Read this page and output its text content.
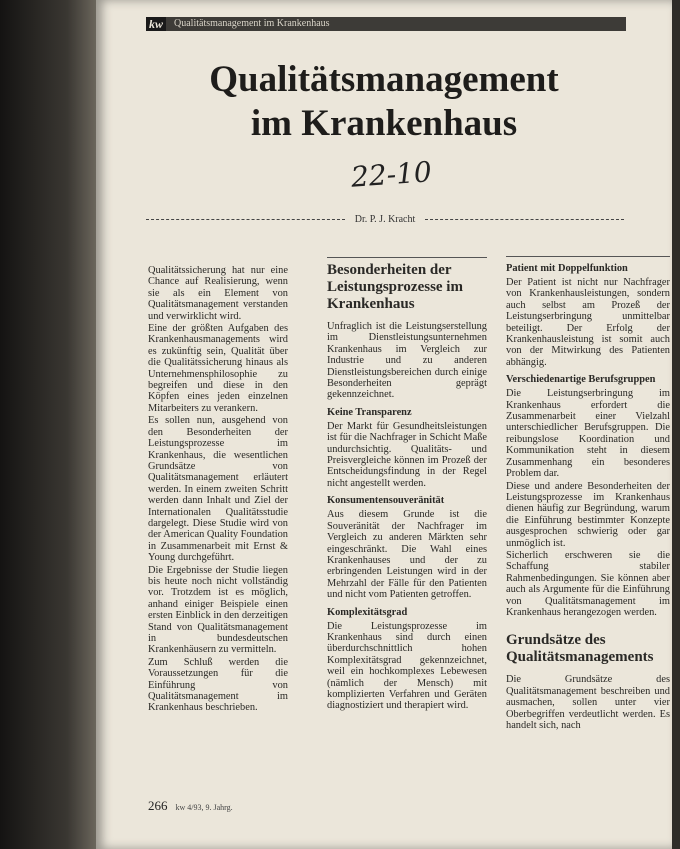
kw	Qualitätsmanagement im Krankenhaus
Qualitätsmanagement
im Krankenhaus
22-10
Dr. P. J. Kracht

Qualitätssicherung hat nur eine Chance auf Realisierung, wenn sie als ein Element von Qualitätsmanagement verstanden und verwirklicht wird.

Eine der größten Aufgaben des Krankenhausmanagements wird es zukünftig sein, Qualität über die Qualitätssicherung hinaus als Unternehmensphilosophie zu begreifen und diese in den Köpfen eines jeden einzelnen Mitarbeiters zu verankern.

Es sollen nun, ausgehend von den Besonderheiten der Leistungsprozesse im Krankenhaus, die wesentlichen Grundsätze von Qualitätsmanagement erläutert werden. In einem zweiten Schritt werden dann Inhalt und Ziel der Internationalen Qualitätsstudie dargelegt. Diese Studie wird von der American Quality Foundation in Zusammenarbeit mit Ernst & Young durchgeführt.

Die Ergebnisse der Studie liegen bis heute noch nicht vollständig vor. Trotzdem ist es möglich, anhand einiger Beispiele einen ersten Einblick in den derzeitigen Stand von Qualitätsmanagement in bundesdeutschen Krankenhäusern zu vermitteln.

Zum Schluß werden die Voraussetzungen für die Einführung von Qualitätsmanagement im Krankenhaus beschrieben.

Besonderheiten der Leistungsprozesse im Krankenhaus

Unfraglich ist die Leistungserstellung im Dienstleistungsunternehmen Krankenhaus im Vergleich zur Industrie und zu anderen Dienstleistungsbereichen durch einige Besonderheiten geprägt gekennzeichnet.

Keine Transparenz

Der Markt für Gesundheitsleistungen ist für die Nachfrager in Schicht Maße undurchsichtig. Qualitäts- und Preisvergleiche können im Prozeß der Entscheidungsfindung in der Regel nicht angestellt werden.

Konsumentensouveränität

Aus diesem Grunde ist die Souveränität der Nachfrager im Vergleich zu anderen Märkten sehr eingeschränkt. Die Wahl eines Krankenhauses und der zu erbringenden Leistungen wird in der Mehrzahl der Fälle für den Patienten und nicht vom Patienten getroffen.

Komplexitätsgrad

Die Leistungsprozesse im Krankenhaus sind durch einen überdurchschnittlich hohen Komplexitätsgrad gekennzeichnet, weil ein hochkomplexes Lebewesen (nämlich der Mensch) mit komplizierten Verfahren und Geräten diagnostiziert und therapiert wird.

Patient mit Doppelfunktion

Der Patient ist nicht nur Nachfrager von Krankenhausleistungen, sondern auch selbst am Prozeß der Leistungserbringung unmittelbar beteiligt. Der Erfolg der Krankenhausleistung ist somit auch von der Mitwirkung des Patienten abhängig.

Verschiedenartige Berufsgruppen

Die Leistungserbringung im Krankenhaus erfordert die Zusammenarbeit einer Vielzahl unterschiedlicher Berufsgruppen. Die reibungslose Koordination und Kommunikation steht in diesem Zusammenhang ein besonderes Problem dar.

Diese und andere Besonderheiten der Leistungsprozesse im Krankenhaus dienen häufig zur Begründung, warum die Einführung bestimmter Konzepte ausgesprochen schwierig oder gar unmöglich ist.

Sicherlich erschweren sie die Schaffung stabiler Rahmenbedingungen. Sie können aber auch als Argumente für die Einführung von Qualitätsmanagement im Krankenhaus herangezogen werden.

Grundsätze des Qualitätsmanagements

Die Grundsätze des Qualitätsmanagement beschreiben und ausmachen, sollen unter vier Oberbegriffen verdeutlicht werden. Es handelt sich, nach

266 kw 4/93, 9. Jahrg.
